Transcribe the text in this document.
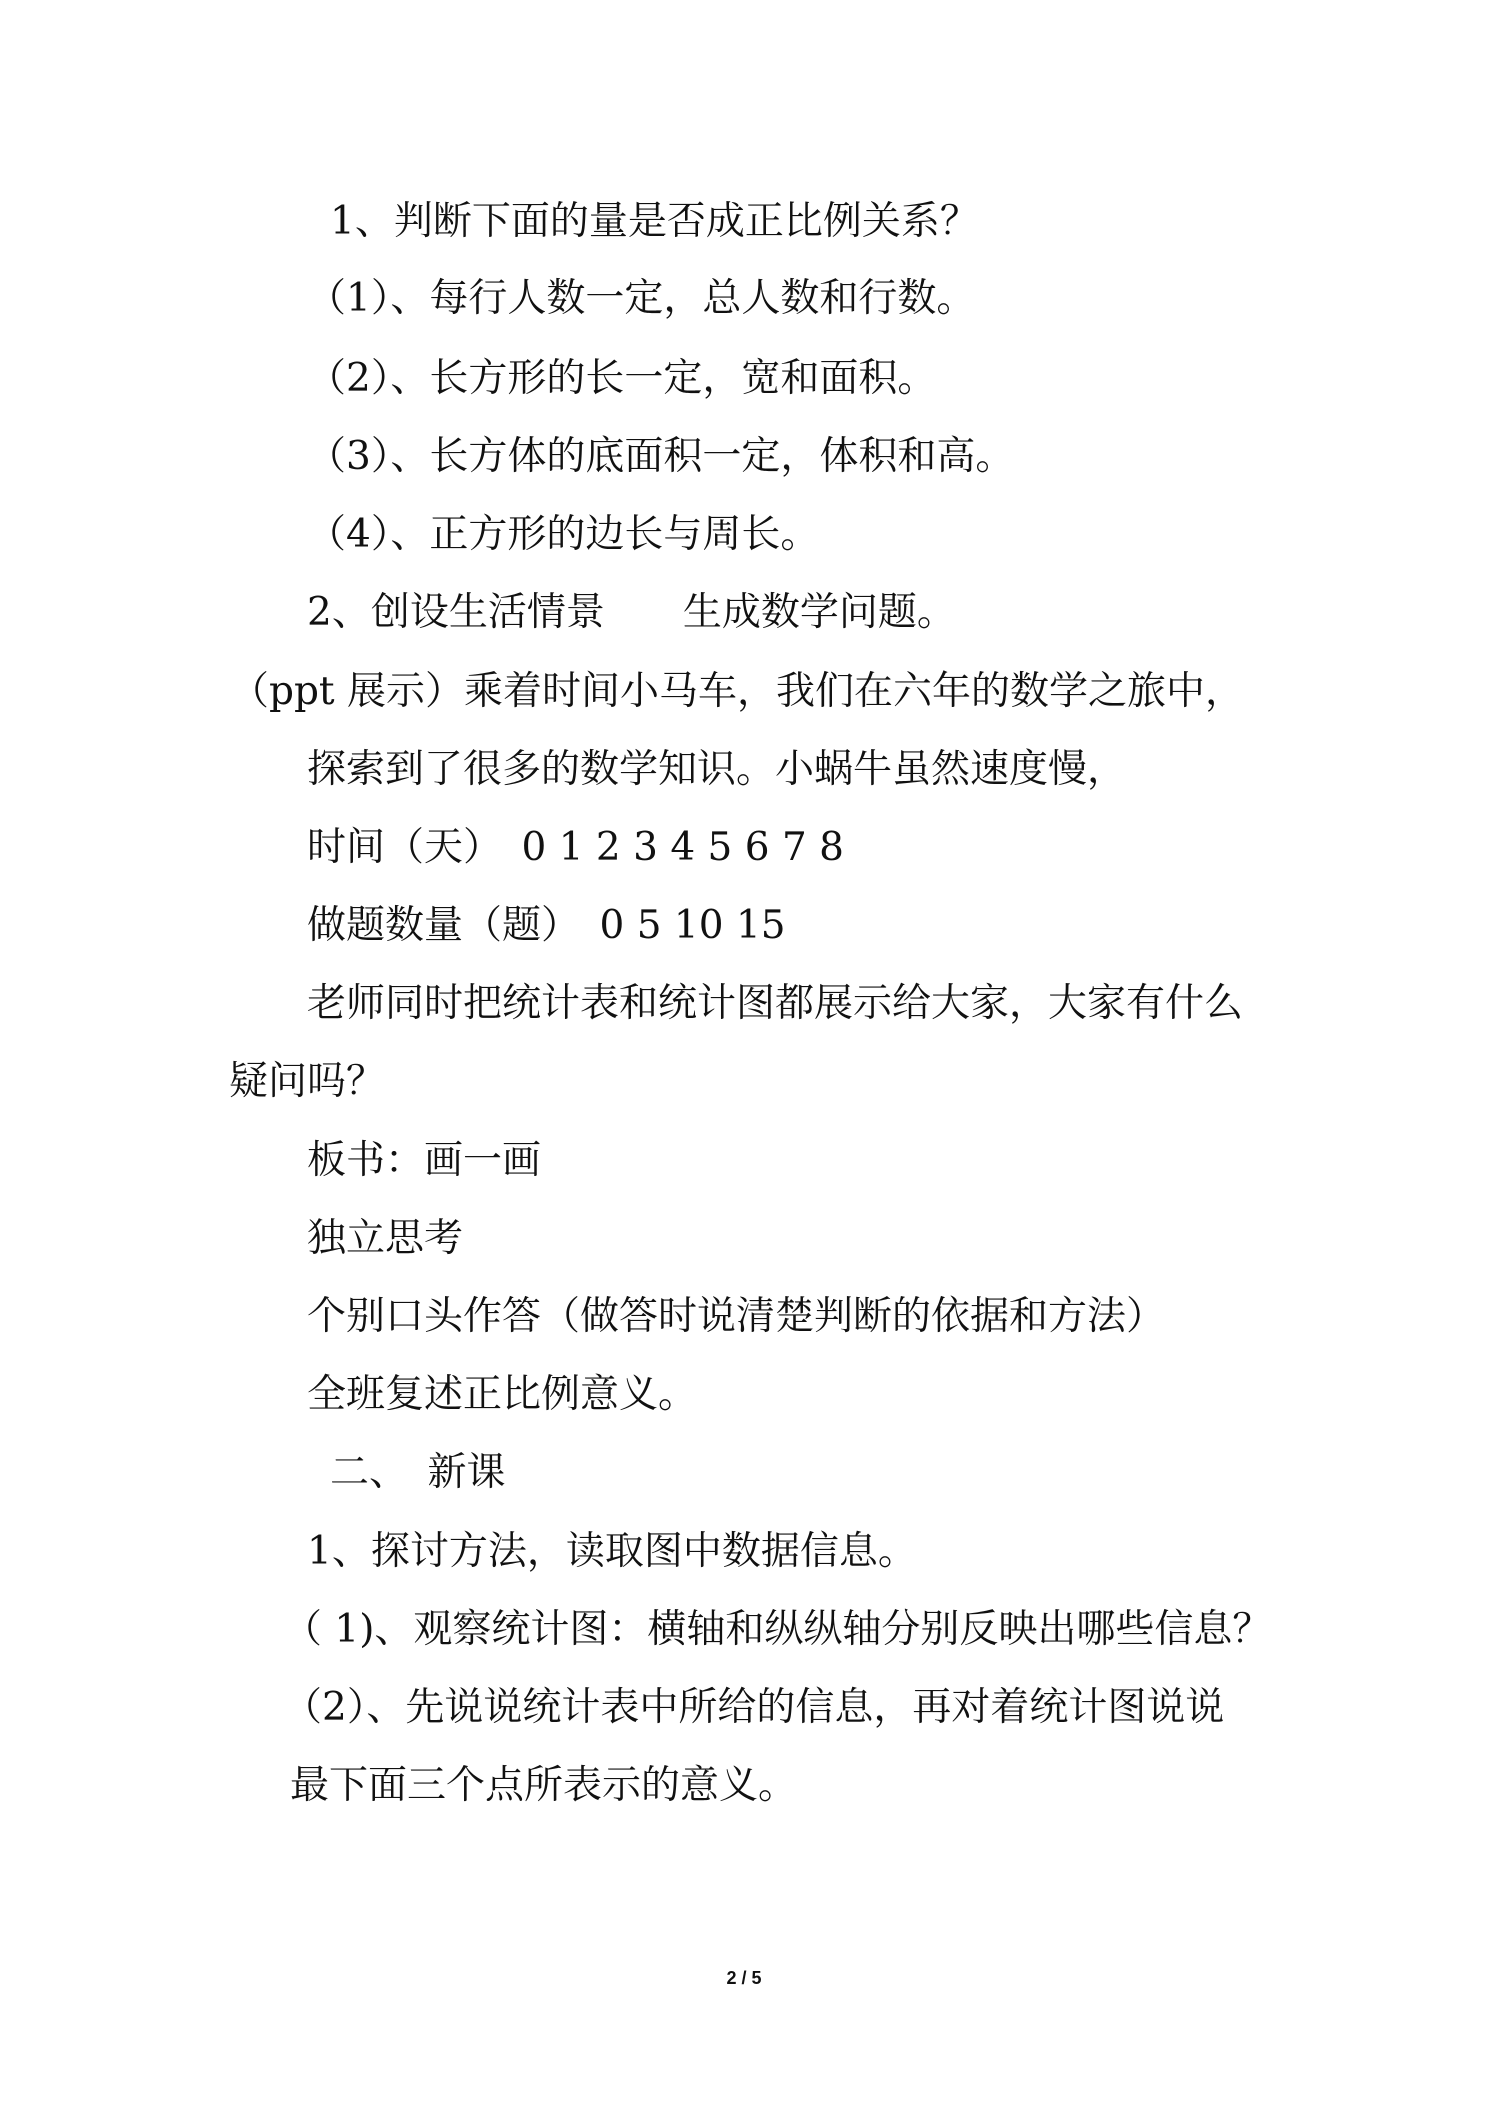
1、判断下面的量是否成正比例关系？
（1）、每行人数一定，总人数和行数。
（2）、长方形的长一定，宽和面积。
（3）、长方体的底面积一定，体积和高。
（4）、正方形的边长与周长。
2、创设生活情景　　生成数学问题。
（ppt 展示）乘着时间小马车，我们在六年的数学之旅中，
探索到了很多的数学知识。小蜗牛虽然速度慢，
时间（天）　0 1 2 3 4 5 6 7 8
做题数量（题）　0 5 10 15
老师同时把统计表和统计图都展示给大家，大家有什么
疑问吗？
板书：画一画
独立思考
个别口头作答（做答时说清楚判断的依据和方法）
全班复述正比例意义。
二、　新课
1、探讨方法，读取图中数据信息。
（ 1)、观察统计图：横轴和纵纵轴分别反映出哪些信息？
（2）、先说说统计表中所给的信息，再对着统计图说说
最下面三个点所表示的意义。
2 / 5
